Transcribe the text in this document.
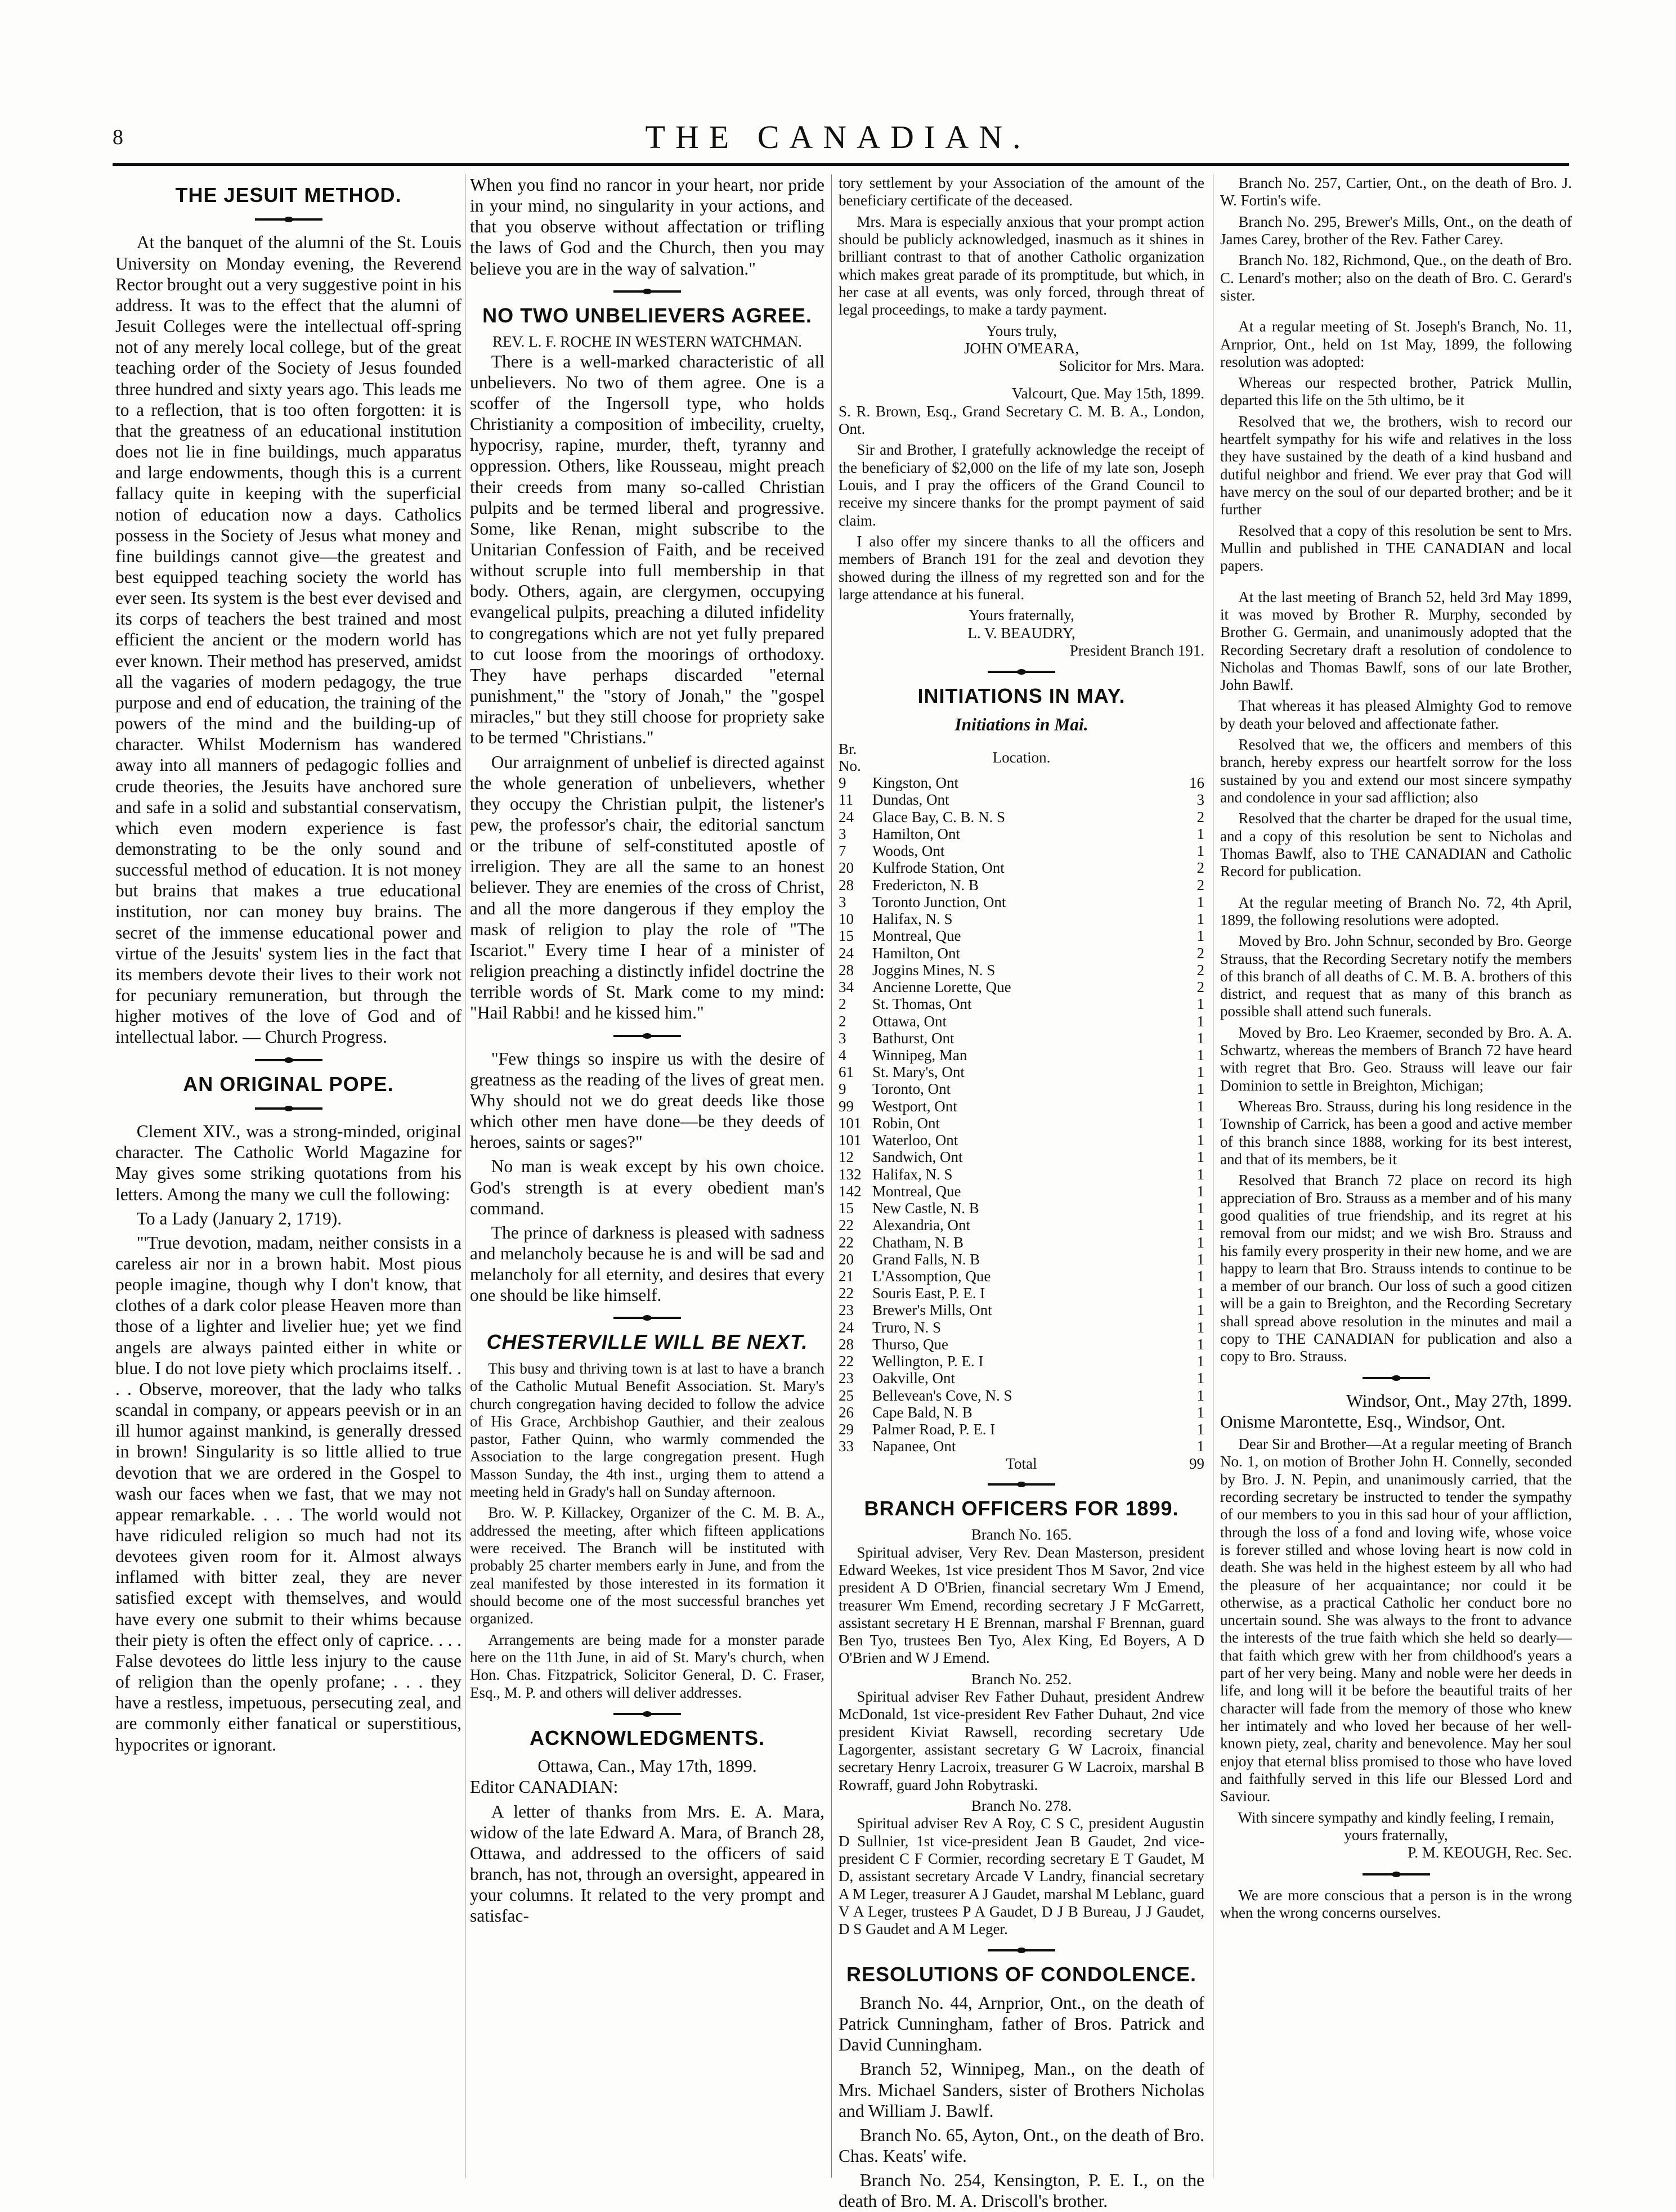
8	THE CANADIAN.
THE JESUIT METHOD.

At the banquet of the alumni of the St. Louis University on Monday evening, the Reverend Rector brought out a very suggestive point in his address. It was to the effect that the alumni of Jesuit Colleges were the intellectual off-spring not of any merely local college, but of the great teaching order of the Society of Jesus founded three hundred and sixty years ago. This leads me to a reflection, that is too often forgotten: it is that the greatness of an educational institution does not lie in fine buildings, much apparatus and large endowments, though this is a current fallacy quite in keeping with the superficial notion of education now a days. Catholics possess in the Society of Jesus what money and fine buildings cannot give—the greatest and best equipped teaching society the world has ever seen. Its system is the best ever devised and its corps of teachers the best trained and most efficient the ancient or the modern world has ever known. Their method has preserved, amidst all the vagaries of modern pedagogy, the true purpose and end of education, the training of the powers of the mind and the building-up of character. Whilst Modernism has wandered away into all manners of pedagogic follies and crude theories, the Jesuits have anchored sure and safe in a solid and substantial conservatism, which even modern experience is fast demonstrating to be the only sound and successful method of education. It is not money but brains that makes a true educational institution, nor can money buy brains. The secret of the immense educational power and virtue of the Jesuits' system lies in the fact that its members devote their lives to their work not for pecuniary remuneration, but through the higher motives of the love of God and of intellectual labor. — Church Progress.

AN ORIGINAL POPE.

Clement XIV., was a strong-minded, original character. The Catholic World Magazine for May gives some striking quotations from his letters. Among the many we cull the following:

To a Lady (January 2, 1719).

"'True devotion, madam, neither consists in a careless air nor in a brown habit. Most pious people imagine, though why I don't know, that clothes of a dark color please Heaven more than those of a lighter and livelier hue; yet we find angels are always painted either in white or blue. I do not love piety which proclaims itself. . . . Observe, moreover, that the lady who talks scandal in company, or appears peevish or in an ill humor against mankind, is generally dressed in brown! Singularity is so little allied to true devotion that we are ordered in the Gospel to wash our faces when we fast, that we may not appear remarkable. . . . The world would not have ridiculed religion so much had not its devotees given room for it. Almost always inflamed with bitter zeal, they are never satisfied except with themselves, and would have every one submit to their whims because their piety is often the effect only of caprice. . . . False devotees do little less injury to the cause of religion than the openly profane; . . . they have a restless, impetuous, persecuting zeal, and are commonly either fanatical or superstitious, hypocrites or ignorant.

When you find no rancor in your heart, nor pride in your mind, no singularity in your actions, and that you observe without affectation or trifling the laws of God and the Church, then you may believe you are in the way of salvation."

NO TWO UNBELIEVERS AGREE.
REV. L. F. ROCHE IN WESTERN WATCHMAN.

There is a well-marked characteristic of all unbelievers. No two of them agree. One is a scoffer of the Ingersoll type, who holds Christianity a composition of imbecility, cruelty, hypocrisy, rapine, murder, theft, tyranny and oppression. Others, like Rousseau, might preach their creeds from many so-called Christian pulpits and be termed liberal and progressive. Some, like Renan, might subscribe to the Unitarian Confession of Faith, and be received without scruple into full membership in that body. Others, again, are clergymen, occupying evangelical pulpits, preaching a diluted infidelity to congregations which are not yet fully prepared to cut loose from the moorings of orthodoxy. They have perhaps discarded "eternal punishment," the "story of Jonah," the "gospel miracles," but they still choose for propriety sake to be termed "Christians."

Our arraignment of unbelief is directed against the whole generation of unbelievers, whether they occupy the Christian pulpit, the listener's pew, the professor's chair, the editorial sanctum or the tribune of self-constituted apostle of irreligion. They are all the same to an honest believer. They are enemies of the cross of Christ, and all the more dangerous if they employ the mask of religion to play the role of "The Iscariot." Every time I hear of a minister of religion preaching a distinctly infidel doctrine the terrible words of St. Mark come to my mind: "Hail Rabbi! and he kissed him."

"Few things so inspire us with the desire of greatness as the reading of the lives of great men. Why should not we do great deeds like those which other men have done—be they deeds of heroes, saints or sages?"

No man is weak except by his own choice. God's strength is at every obedient man's command.

The prince of darkness is pleased with sadness and melancholy because he is and will be sad and melancholy for all eternity, and desires that every one should be like himself.

CHESTERVILLE WILL BE NEXT.

This busy and thriving town is at last to have a branch of the Catholic Mutual Benefit Association. St. Mary's church congregation having decided to follow the advice of His Grace, Archbishop Gauthier, and their zealous pastor, Father Quinn, who warmly commended the Association to the large congregation present. Hugh Masson Sunday, the 4th inst., urging them to attend a meeting held in Grady's hall on Sunday afternoon.

Bro. W. P. Killackey, Organizer of the C. M. B. A., addressed the meeting, after which fifteen applications were received. The Branch will be instituted with probably 25 charter members early in June, and from the zeal manifested by those interested in its formation it should become one of the most successful branches yet organized.

Arrangements are being made for a monster parade here on the 11th June, in aid of St. Mary's church, when Hon. Chas. Fitzpatrick, Solicitor General, D. C. Fraser, Esq., M. P. and others will deliver addresses.

ACKNOWLEDGMENTS.
Ottawa, Can., May 17th, 1899.

Editor CANADIAN:

A letter of thanks from Mrs. E. A. Mara, widow of the late Edward A. Mara, of Branch 28, Ottawa, and addressed to the officers of said branch, has not, through an oversight, appeared in your columns. It related to the very prompt and satisfac-

tory settlement by your Association of the amount of the beneficiary certificate of the deceased.

Mrs. Mara is especially anxious that your prompt action should be publicly acknowledged, inasmuch as it shines in brilliant contrast to that of another Catholic organization which makes great parade of its promptitude, but which, in her case at all events, was only forced, through threat of legal proceedings, to make a tardy payment.

Yours truly,
JOHN O'MEARA,
Solicitor for Mrs. Mara.
Valcourt, Que. May 15th, 1899.

S. R. Brown, Esq., Grand Secretary C. M. B. A., London, Ont.

Sir and Brother, I gratefully acknowledge the receipt of the beneficiary of $2,000 on the life of my late son, Joseph Louis, and I pray the officers of the Grand Council to receive my sincere thanks for the prompt payment of said claim.

I also offer my sincere thanks to all the officers and members of Branch 191 for the zeal and devotion they showed during the illness of my regretted son and for the large attendance at his funeral.

Yours fraternally,
L. V. BEAUDRY,
President Branch 191.
INITIATIONS IN MAY.
Initiations in Mai.
Br. No.	Location.	
9	Kingston, Ont	16
11	Dundas, Ont	3
24	Glace Bay, C. B. N. S	2
3	Hamilton, Ont	1
7	Woods, Ont	1
20	Kulfrode Station, Ont	2
28	Fredericton, N. B	2
3	Toronto Junction, Ont	1
10	Halifax, N. S	1
15	Montreal, Que	1
24	Hamilton, Ont	2
28	Joggins Mines, N. S	2
34	Ancienne Lorette, Que	2
2	St. Thomas, Ont	1
2	Ottawa, Ont	1
3	Bathurst, Ont	1
4	Winnipeg, Man	1
61	St. Mary's, Ont	1
9	Toronto, Ont	1
99	Westport, Ont	1
101	Robin, Ont	1
101	Waterloo, Ont	1
12	Sandwich, Ont	1
132	Halifax, N. S	1
142	Montreal, Que	1
15	New Castle, N. B	1
22	Alexandria, Ont	1
22	Chatham, N. B	1
20	Grand Falls, N. B	1
21	L'Assomption, Que	1
22	Souris East, P. E. I	1
23	Brewer's Mills, Ont	1
24	Truro, N. S	1
28	Thurso, Que	1
22	Wellington, P. E. I	1
23	Oakville, Ont	1
25	Bellevean's Cove, N. S	1
26	Cape Bald, N. B	1
29	Palmer Road, P. E. I	1
33	Napanee, Ont	1
	Total	99
BRANCH OFFICERS FOR 1899.
Branch No. 165.

Spiritual adviser, Very Rev. Dean Masterson, president Edward Weekes, 1st vice president Thos M Savor, 2nd vice president A D O'Brien, financial secretary Wm J Emend, treasurer Wm Emend, recording secretary J F McGarrett, assistant secretary H E Brennan, marshal F Brennan, guard Ben Tyo, trustees Ben Tyo, Alex King, Ed Boyers, A D O'Brien and W J Emend.

Branch No. 252.

Spiritual adviser Rev Father Duhaut, president Andrew McDonald, 1st vice-president Rev Father Duhaut, 2nd vice president Kiviat Rawsell, recording secretary Ude Lagorgenter, assistant secretary G W Lacroix, financial secretary Henry Lacroix, treasurer G W Lacroix, marshal B Rowraff, guard John Robytraski.

Branch No. 278.

Spiritual adviser Rev A Roy, C S C, president Augustin D Sullnier, 1st vice-president Jean B Gaudet, 2nd vice-president C F Cormier, recording secretary E T Gaudet, M D, assistant secretary Arcade V Landry, financial secretary A M Leger, treasurer A J Gaudet, marshal M Leblanc, guard V A Leger, trustees P A Gaudet, D J B Bureau, J J Gaudet, D S Gaudet and A M Leger.

RESOLUTIONS OF CONDOLENCE.

Branch No. 44, Arnprior, Ont., on the death of Patrick Cunningham, father of Bros. Patrick and David Cunningham.

Branch 52, Winnipeg, Man., on the death of Mrs. Michael Sanders, sister of Brothers Nicholas and William J. Bawlf.

Branch No. 65, Ayton, Ont., on the death of Bro. Chas. Keats' wife.

Branch No. 254, Kensington, P. E. I., on the death of Bro. M. A. Driscoll's brother.

Branch No. 257, Cartier, Ont., on the death of Bro. J. W. Fortin's wife.

Branch No. 295, Brewer's Mills, Ont., on the death of James Carey, brother of the Rev. Father Carey.

Branch No. 182, Richmond, Que., on the death of Bro. C. Lenard's mother; also on the death of Bro. C. Gerard's sister.

At a regular meeting of St. Joseph's Branch, No. 11, Arnprior, Ont., held on 1st May, 1899, the following resolution was adopted:

Whereas our respected brother, Patrick Mullin, departed this life on the 5th ultimo, be it

Resolved that we, the brothers, wish to record our heartfelt sympathy for his wife and relatives in the loss they have sustained by the death of a kind husband and dutiful neighbor and friend. We ever pray that God will have mercy on the soul of our departed brother; and be it further

Resolved that a copy of this resolution be sent to Mrs. Mullin and published in THE CANADIAN and local papers.

At the last meeting of Branch 52, held 3rd May 1899, it was moved by Brother R. Murphy, seconded by Brother G. Germain, and unanimously adopted that the Recording Secretary draft a resolution of condolence to Nicholas and Thomas Bawlf, sons of our late Brother, John Bawlf.

That whereas it has pleased Almighty God to remove by death your beloved and affectionate father.

Resolved that we, the officers and members of this branch, hereby express our heartfelt sorrow for the loss sustained by you and extend our most sincere sympathy and condolence in your sad affliction; also

Resolved that the charter be draped for the usual time, and a copy of this resolution be sent to Nicholas and Thomas Bawlf, also to THE CANADIAN and Catholic Record for publication.

At the regular meeting of Branch No. 72, 4th April, 1899, the following resolutions were adopted.

Moved by Bro. John Schnur, seconded by Bro. George Strauss, that the Recording Secretary notify the members of this branch of all deaths of C. M. B. A. brothers of this district, and request that as many of this branch as possible shall attend such funerals.

Moved by Bro. Leo Kraemer, seconded by Bro. A. A. Schwartz, whereas the members of Branch 72 have heard with regret that Bro. Geo. Strauss will leave our fair Dominion to settle in Breighton, Michigan;

Whereas Bro. Strauss, during his long residence in the Township of Carrick, has been a good and active member of this branch since 1888, working for its best interest, and that of its members, be it

Resolved that Branch 72 place on record its high appreciation of Bro. Strauss as a member and of his many good qualities of true friendship, and its regret at his removal from our midst; and we wish Bro. Strauss and his family every prosperity in their new home, and we are happy to learn that Bro. Strauss intends to continue to be a member of our branch. Our loss of such a good citizen will be a gain to Breighton, and the Recording Secretary shall spread above resolution in the minutes and mail a copy to THE CANADIAN for publication and also a copy to Bro. Strauss.

Windsor, Ont., May 27th, 1899.

Onisme Marontette, Esq., Windsor, Ont.

Dear Sir and Brother—At a regular meeting of Branch No. 1, on motion of Brother John H. Connelly, seconded by Bro. J. N. Pepin, and unanimously carried, that the recording secretary be instructed to tender the sympathy of our members to you in this sad hour of your affliction, through the loss of a fond and loving wife, whose voice is forever stilled and whose loving heart is now cold in death. She was held in the highest esteem by all who had the pleasure of her acquaintance; nor could it be otherwise, as a practical Catholic her conduct bore no uncertain sound. She was always to the front to advance the interests of the true faith which she held so dearly—that faith which grew with her from childhood's years a part of her very being. Many and noble were her deeds in life, and long will it be before the beautiful traits of her character will fade from the memory of those who knew her intimately and who loved her because of her well-known piety, zeal, charity and benevolence. May her soul enjoy that eternal bliss promised to those who have loved and faithfully served in this life our Blessed Lord and Saviour.

With sincere sympathy and kindly feeling, I remain, yours fraternally,
P. M. KEOUGH, Rec. Sec.

We are more conscious that a person is in the wrong when the wrong concerns ourselves.
